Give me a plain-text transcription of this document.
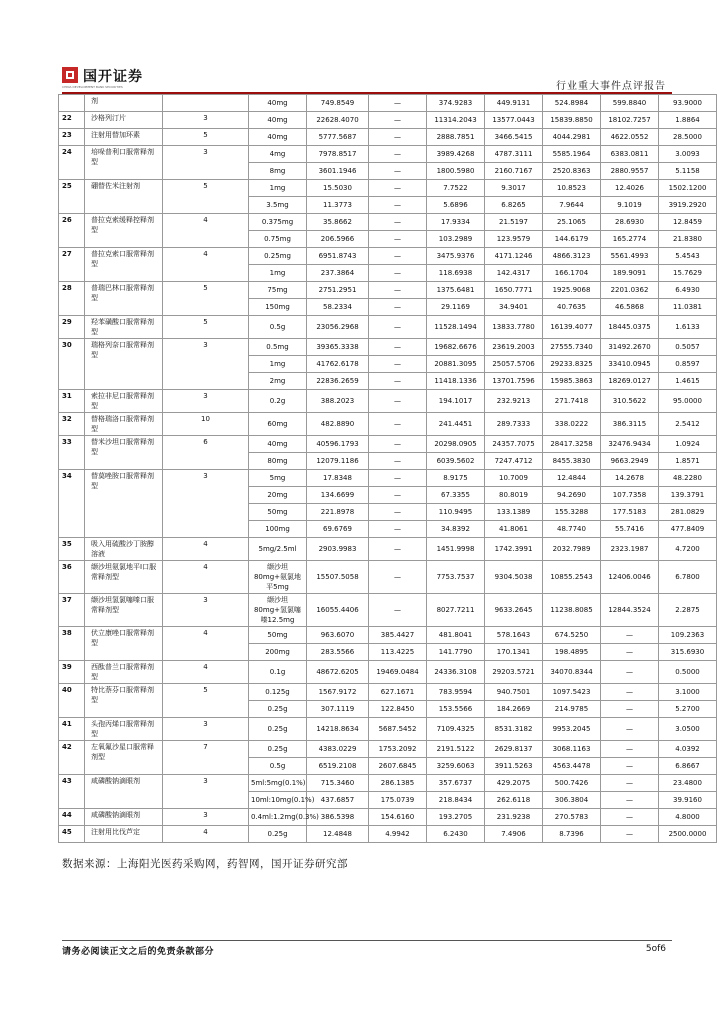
国开证券
CHINA DEVELOPMENT BANK SECURITIES	行业重大事件点评报告
	剂		40mg	749.8549	—	374.9283	449.9131	524.8984	599.8840	93.9000
22	沙格列汀片	3	40mg	22628.4070	—	11314.2043	13577.0443	15839.8850	18102.7257	1.8864
23	注射用替加环素	5	40mg	5777.5687	—	2888.7851	3466.5415	4044.2981	4622.0552	28.5000
24	培哚普利口服常释剂型	3	4mg	7978.8517	—	3989.4268	4787.3111	5585.1964	6383.0811	3.0093
			8mg	3601.1946	—	1800.5980	2160.7167	2520.8363	2880.9557	5.1158
25	硼替佐米注射剂	5	1mg	15.5030	—	7.7522	9.3017	10.8523	12.4026	1502.1200
			3.5mg	11.3773	—	5.6896	6.8265	7.9644	9.1019	3919.2920
26	普拉克索缓释控释剂型	4	0.375mg	35.8662	—	17.9334	21.5197	25.1065	28.6930	12.8459
			0.75mg	206.5966	—	103.2989	123.9579	144.6179	165.2774	21.8380
27	普拉克索口服常释剂型	4	0.25mg	6951.8743	—	3475.9376	4171.1246	4866.3123	5561.4993	5.4543
			1mg	237.3864	—	118.6938	142.4317	166.1704	189.9091	15.7629
28	普瑞巴林口服常释剂型	5	75mg	2751.2951	—	1375.6481	1650.7771	1925.9068	2201.0362	6.4930
			150mg	58.2334	—	29.1169	34.9401	40.7635	46.5868	11.0381
29	羟苯磺酸口服常释剂型	5	0.5g	23056.2968	—	11528.1494	13833.7780	16139.4077	18445.0375	1.6133
30	瑞格列奈口服常释剂型	3	0.5mg	39365.3338	—	19682.6676	23619.2003	27555.7340	31492.2670	0.5057
			1mg	41762.6178	—	20881.3095	25057.5706	29233.8325	33410.0945	0.8597
			2mg	22836.2659	—	11418.1336	13701.7596	15985.3863	18269.0127	1.4615
31	索拉非尼口服常释剂型	3	0.2g	388.2023	—	194.1017	232.9213	271.7418	310.5622	95.0000
32	替格瑞洛口服常释剂型	10	60mg	482.8890	—	241.4451	289.7333	338.0222	386.3115	2.5412
33	替米沙坦口服常释剂型	6	40mg	40596.1793	—	20298.0905	24357.7075	28417.3258	32476.9434	1.0924
			80mg	12079.1186	—	6039.5602	7247.4712	8455.3830	9663.2949	1.8571
34	替莫唑胺口服常释剂型	3	5mg	17.8348	—	8.9175	10.7009	12.4844	14.2678	48.2280
			20mg	134.6699	—	67.3355	80.8019	94.2690	107.7358	139.3791
			50mg	221.8978	—	110.9495	133.1389	155.3288	177.5183	281.0829
			100mg	69.6769	—	34.8392	41.8061	48.7740	55.7416	477.8409
35	吸入用硫酸沙丁胺醇溶液	4	5mg/2.5ml	2903.9983	—	1451.9998	1742.3991	2032.7989	2323.1987	4.7200
36	缬沙坦氨氯地平Ⅰ口服常释剂型	4	缬沙坦80mg+氨氯地平5mg	15507.5058	—	7753.7537	9304.5038	10855.2543	12406.0046	6.7800
37	缬沙坦氢氯噻嗪口服常释剂型	3	缬沙坦80mg+氢氯噻嗪12.5mg	16055.4406	—	8027.7211	9633.2645	11238.8085	12844.3524	2.2875
38	伏立康唑口服常释剂型	4	50mg	963.6070	385.4427	481.8041	578.1643	674.5250	—	109.2363
			200mg	283.5566	113.4225	141.7790	170.1341	198.4895	—	315.6930
39	西酞普兰口服常释剂型	4	0.1g	48672.6205	19469.0484	24336.3108	29203.5721	34070.8344	—	0.5000
40	特比萘芬口服常释剂型	5	0.125g	1567.9172	627.1671	783.9594	940.7501	1097.5423	—	3.1000
			0.25g	307.1119	122.8450	153.5566	184.2669	214.9785	—	5.2700
41	头孢丙烯口服常释剂型	3	0.25g	14218.8634	5687.5452	7109.4325	8531.3182	9953.2045	—	3.0500
42	左氧氟沙星口服常释剂型	7	0.25g	4383.0229	1753.2092	2191.5122	2629.8137	3068.1163	—	4.0392
			0.5g	6519.2108	2607.6845	3259.6063	3911.5263	4563.4478	—	6.8667
43	咸磷酸钠滴眼剂	3	5ml:5mg(0.1%)	715.3460	286.1385	357.6737	429.2075	500.7426	—	23.4800
			10ml:10mg(0.1%)	437.6857	175.0739	218.8434	262.6118	306.3804	—	39.9160
44	咸磷酸钠滴眼剂	3	0.4ml:1.2mg(0.3%)	386.5398	154.6160	193.2705	231.9238	270.5783	—	4.8000
45	注射用比伐芦定	4	0.25g	12.4848	4.9942	6.2430	7.4906	8.7396	—	2500.0000
数据来源：上海阳光医药采购网，药智网，国开证券研究部
请务必阅读正文之后的免责条款部分	5of6
